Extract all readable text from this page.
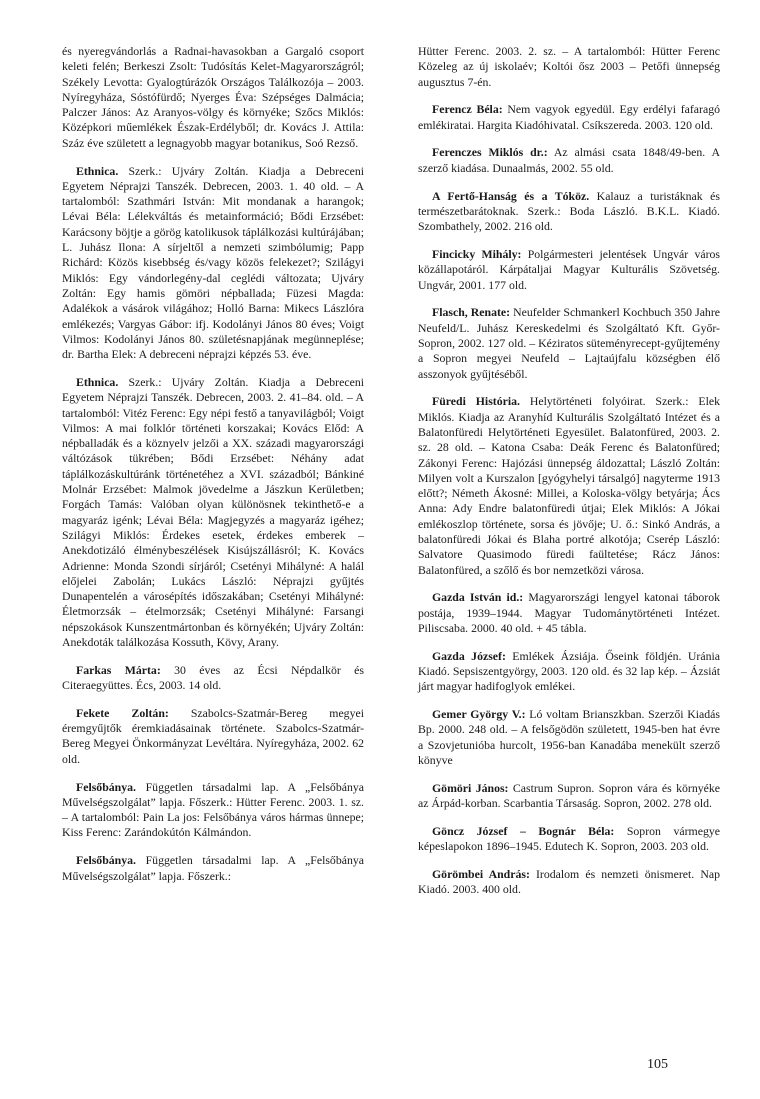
és nyeregvándorlás a Radnai-havasokban a Gargaló csoport keleti felén; Berkeszi Zsolt: Tudósítás Kelet-Magyarországról; Székely Levotta: Gyalogtúrázók Országos Találkozója – 2003. Nyíregyháza, Sóstófürdő; Nyerges Éva: Szépséges Dalmácia; Palczer János: Az Aranyos-völgy és környéke; Szőcs Miklós: Középkori műemlékek Észak-Erdélyből; dr. Kovács J. Attila: Száz éve született a legnagyobb magyar botanikus, Soó Rezső.

Ethnica. Szerk.: Ujváry Zoltán. Kiadja a Debreceni Egyetem Néprajzi Tanszék. Debrecen, 2003. 1. 40 old. – A tartalomból: Szathmári István: Mit mondanak a harangok; Lévai Béla: Lélekváltás és metainformáció; Bődi Erzsébet: Karácsony böjtje a görög katolikusok táplálkozási kultúrájában; L. Juhász Ilona: A sírjeltől a nemzeti szimbólumig; Papp Richárd: Közös kisebbség és/vagy közös felekezet?; Szilágyi Miklós: Egy vándorlegény-dal ceglédi változata; Ujváry Zoltán: Egy hamis gömöri népballada; Füzesi Magda: Adalékok a vásárok világához; Holló Barna: Mikecs Lászlóra emlékezés; Vargyas Gábor: ifj. Kodolányi János 80 éves; Voigt Vilmos: Kodolányi János 80. születésnapjának megünneplése; dr. Bartha Elek: A debreceni néprajzi képzés 53. éve.

Ethnica. Szerk.: Ujváry Zoltán. Kiadja a Debreceni Egyetem Néprajzi Tanszék. Debrecen, 2003. 2. 41–84. old. – A tartalomból: Vitéz Ferenc: Egy népi festő a tanyavilágból; Voigt Vilmos: A mai folklór történeti korszakai; Kovács Előd: A népballadák és a köznyelv jelzői a XX. századi magyarországi váltózások tükrében; Bődi Erzsébet: Néhány adat táplálkozáskultúránk történetéhez a XVI. századból; Bánkiné Molnár Erzsébet: Malmok jövedelme a Jászkun Kerületben; Forgách Tamás: Valóban olyan különösnek tekinthető-e a magyaráz igénk; Lévai Béla: Magjegyzés a magyaráz igéhez; Szilágyi Miklós: Érdekes esetek, érdekes emberek – Anekdotizáló élménybeszélések Kisújszállásról; K. Kovács Adrienne: Monda Szondi sírjáról; Csetényi Mihályné: A halál előjelei Zabolán; Lukács László: Néprajzi gyűjtés Dunapentelén a városépítés időszakában; Csetényi Mihályné: Életmorzsák – ételmorzsák; Csetényi Mihályné: Farsangi népszokások Kunszentmártonban és környékén; Ujváry Zoltán: Anekdoták találkozása Kossuth, Kövy, Arany.

Farkas Márta: 30 éves az Écsi Népdalkör és Citeraegyüttes. Écs, 2003. 14 old.

Fekete Zoltán: Szabolcs-Szatmár-Bereg megyei éremgyűjtők éremkiadásainak története. Szabolcs-Szatmár-Bereg Megyei Önkormányzat Levéltára. Nyíregyháza, 2002. 62 old.

Felsőbánya. Független társadalmi lap. A „Felsőbánya Művelségszolgálat” lapja. Főszerk.: Hütter Ferenc. 2003. 1. sz. – A tartalomból: Pain La jos: Felsőbánya város hármas ünnepe; Kiss Ferenc: Zarándokútón Kálmándon.

Felsőbánya. Független társadalmi lap. A „Felsőbánya Művelségszolgálat” lapja. Főszerk.:

Hütter Ferenc. 2003. 2. sz. – A tartalomból: Hütter Ferenc Közeleg az új iskolaév; Koltói ősz 2003 – Petőfi ünnepség augusztus 7-én.

Ferencz Béla: Nem vagyok egyedül. Egy erdélyi fafaragó emlékiratai. Hargita Kiadóhivatal. Csíkszereda. 2003. 120 old.

Ferenczes Miklós dr.: Az almási csata 1848/49-ben. A szerző kiadása. Dunaalmás, 2002. 55 old.

A Fertő-Hanság és a Tóköz. Kalauz a turistáknak és természetbarátoknak. Szerk.: Boda László. B.K.L. Kiadó. Szombathely, 2002. 216 old.

Fincicky Mihály: Polgármesteri jelentések Ungvár város közállapotáról. Kárpátaljai Magyar Kulturális Szövetség. Ungvár, 2001. 177 old.

Flasch, Renate: Neufelder Schmankerl Kochbuch 350 Jahre Neufeld/L. Juhász Kereskedelmi és Szolgáltató Kft. Győr-Sopron, 2002. 127 old. – Kéziratos süteményrecept-gyűjtemény a Sopron megyei Neufeld – Lajtaújfalu községben élő asszonyok gyűjtéséből.

Füredi História. Helytörténeti folyóirat. Szerk.: Elek Miklós. Kiadja az Aranyhíd Kulturális Szolgáltató Intézet és a Balatonfüredi Helytörténeti Egyesület. Balatonfüred, 2003. 2. sz. 28 old. – Katona Csaba: Deák Ferenc és Balatonfüred; Zákonyi Ferenc: Hajózási ünnepség áldozattal; László Zoltán: Milyen volt a Kurszalon [gyógyhelyi társalgó] nagyterme 1913 előtt?; Németh Ákosné: Millei, a Koloska-völgy betyárja; Ács Anna: Ady Endre balatonfüredi útjai; Elek Miklós: A Jókai emlékoszlop története, sorsa és jövője; U. ő.: Sinkó András, a balatonfüredi Jókai és Blaha portré alkotója; Cserép László: Salvatore Quasimodo füredi faültetése; Rácz János: Balatonfüred, a szőlő és bor nemzetközi városa.

Gazda István id.: Magyarországi lengyel katonai táborok postája, 1939–1944. Magyar Tudománytörténeti Intézet. Piliscsaba. 2000. 40 old. + 45 tábla.

Gazda József: Emlékek Ázsiája. Őseink földjén. Uránia Kiadó. Sepsiszentgyörgy, 2003. 120 old. és 32 lap kép. – Ázsiát járt magyar hadifoglyok emlékei.

Gemer György V.: Ló voltam Brianszkban. Szerzői Kiadás Bp. 2000. 248 old. – A felsőgödön született, 1945-ben hat évre a Szovjetunióba hurcolt, 1956-ban Kanadába menekült szerző könyve

Gömöri János: Castrum Supron. Sopron vára és környéke az Árpád-korban. Scarbantia Társaság. Sopron, 2002. 278 old.

Göncz József – Bognár Béla: Sopron vármegye képeslapokon 1896–1945. Edutech K. Sopron, 2003. 203 old.

Görömbei András: Irodalom és nemzeti önismeret. Nap Kiadó. 2003. 400 old.

105
